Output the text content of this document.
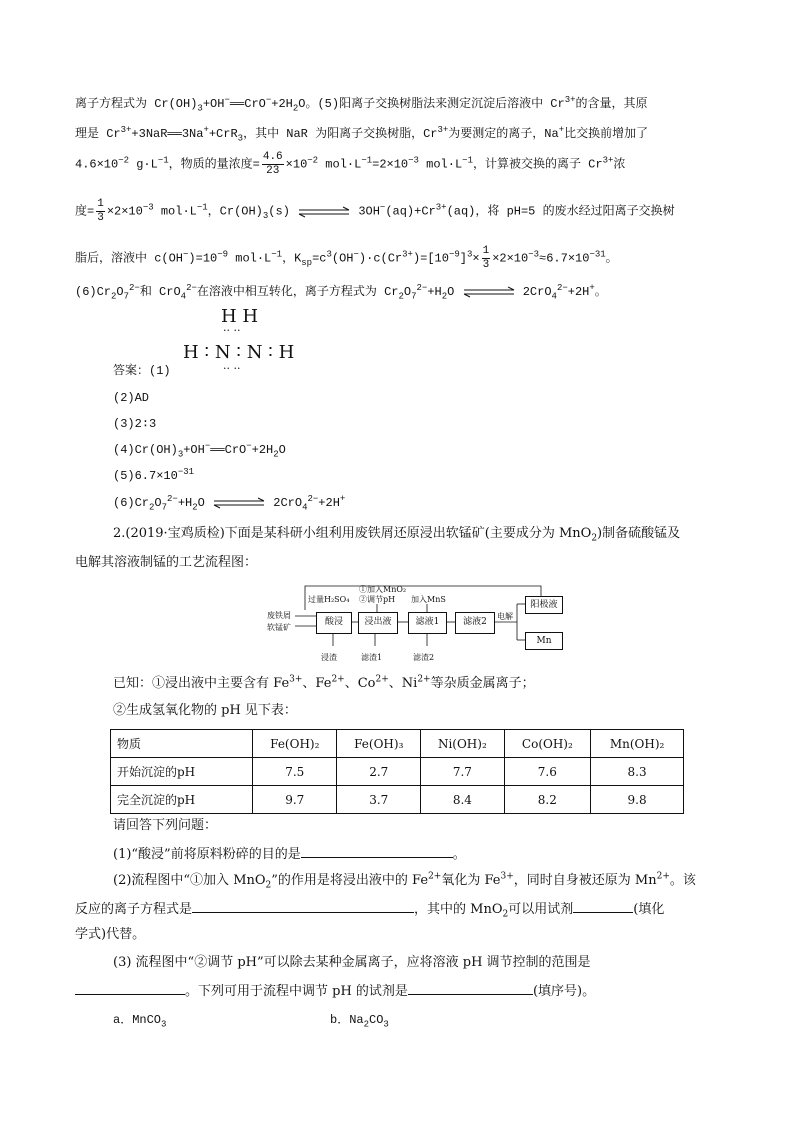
离子方程式为 $Cr(OH)_3+OH^-══CrO^-+2H_2O$。(5)阳离子交换树脂法来测定沉淀后溶液中 $Cr^{3+}$的含量，其原
理是 $Cr^{3+}+3NaR══3Na^++CrR_3$，其中 NaR 为阳离子交换树脂，$Cr^{3+}$为要测定的离子，Na+比交换前增加了
$4.6\times 10^{-2}$ $g\cdot L^{-1}$，物质的量浓度= $\frac{4.6}{23} \times 10^{-2}$ $mol\cdot L^{-1}=2\times 10^{-3}$ $mol\cdot L^{-1}$，计算被交换的离子 $Cr^{3+}$浓
度= $\frac{1}{3} \times 2\times 10^{-3}$ $mol\cdot L^{-1}$，$Cr(OH)_3(s)$	$3OH^-(aq)+Cr^{3+}(aq)$，将 pH=5 的废水经过阳离子交换树
脂后，溶液中 $c(OH^-)=10^{-9}$ $mol\cdot L^{-1}$，$K_{sp}=c^3(OH^-)\cdot c(Cr^{3+})=[10^{-9}]^3\times \frac{1}{3} \times 2\times 10^{-3}\approx 6.7\times 10^{-31}$。
$(6)Cr_2O_7^{2-}$和 CrO$_4^{2-}$在溶液中相互转化，离子方程式为 $Cr_2O_7^{2-}+H_2O$	2CrO$_4^{2-}$+2H+。
H H
·· ··
H ∶ N ∶ N ∶ H
·· ··
答案：(1)
(2)AD
(3)2∶3
$(4)Cr(OH)_3+OH^-══CrO^-+2H_2O$
$(5)6.7\times 10^{-31}$
$(6)Cr_2O_7^{2-}+H_2O$	2CrO$_4^{2-}$+2H+
2.(2019·宝鸡质检)下面是某科研小组利用废铁屑还原浸出软锰矿(主要成分为 MnO$_2$)制备硫酸锰及
电解其溶液制锰的工艺流程图：
废铁屑
软锰矿
过量H₂SO₄
酸浸
①加入MnO₂
②调节pH
浸出液
加入MnS
滤液1	滤液2
电解
阳极液
Mn
浸渣	滤渣1	滤渣2
已知：①浸出液中主要含有 $Fe^{3+}$、$Fe^{2+}$、$Co^{2+}$、$Ni^{2+}$等杂质金属离子；
②生成氢氧化物的 pH 见下表：
物质	Fe(OH)₂	Fe(OH)₃	Ni(OH)₂	Co(OH)₂	Mn(OH)₂
开始沉淀的pH	7.5	2.7	7.7	7.6	8.3
完全沉淀的pH	9.7	3.7	8.4	8.2	9.8
请回答下列问题：
(1)“酸浸”前将原料粉碎的目的是	。
(2)流程图中“①加入 MnO$_2$”的作用是将浸出液中的 $Fe^{2+}$氧化为 $Fe^{3+}$，同时自身被还原为 $Mn^{2+}$。该
反应的离子方程式是	，其中的 MnO$_2$可以用试剂	(填化
学式)代替。
(3) 流程图中“②调节 pH”可以除去某种金属离子，应将溶液 pH 调节控制的范围是
。下列可用于流程中调节 pH 的试剂是	(填序号)。
a．MnCO$_3$	b．$Na_2CO_3$
